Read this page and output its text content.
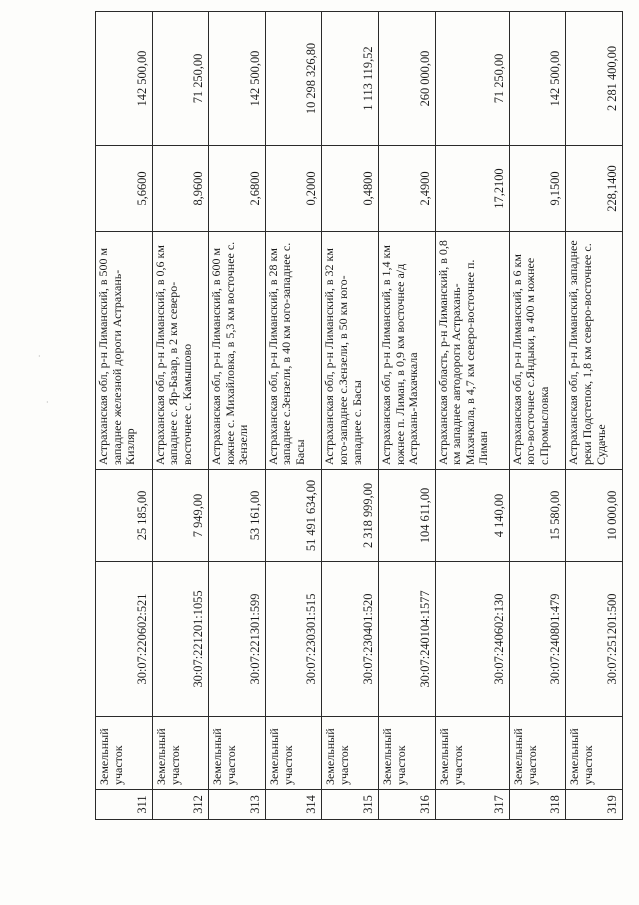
·
·
311	Земельный участок	30:07:220602:521	25 185,00	Астраханская обл, р-н Лиманский, в 500 м западнее железной дороги Астрахань-Кизляр	5,6600	142 500,00
312	Земельный участок	30:07:221201:1055	7 949,00	Астраханская обл, р-н Лиманский, в 0,6 км западнее с. Яр-Базар, в 2 км северо-восточнее с. Камышово	8,9600	71 250,00
313	Земельный участок	30:07:221301:599	53 161,00	Астраханская обл, р-н Лиманский, в 600 м южнее с. Михайловка, в 5,3 км восточнее с. Зензели	2,6800	142 500,00
314	Земельный участок	30:07:230301:515	51 491 634,00	Астраханская обл, р-н Лиманский, в 28 км западнее с.Зензели, в 40 км юго-западнее с. Басы	0,2000	10 298 326,80
315	Земельный участок	30:07:230401:520	2 318 999,00	Астраханская обл, р-н Лиманский, в 32 км юго-западнее с.Зензели, в 50 км юго-западнее с. Басы	0,4800	1 113 119,52
316	Земельный участок	30:07:240104:1577	104 611,00	Астраханская обл, р-н Лиманский, в 1,4 км южнее п. Лиман, в 0,9 км восточнее а/д Астрахань-Махачкала	2,4900	260 000,00
317	Земельный участок	30:07:240602:130	4 140,00	Астраханская область, р-н Лиманский, в 0,8 км западнее автодороги Астрахань-Махачкала, в 4,7 км северо-восточнее п. Лиман	17,2100	71 250,00
318	Земельный участок	30:07:240801:479	15 580,00	Астраханская обл, р-н Лиманский, в 6 км юго-восточнее с.Яндыки, в 400 м южнее с.Промысловка	9,1500	142 500,00
319	Земельный участок	30:07:251201:500	10 000,00	Астраханская обл, р-н Лиманский, западнее реки Подстепок, 1,8 км северо-восточнее с. Судачье	228,1400	2 281 400,00
